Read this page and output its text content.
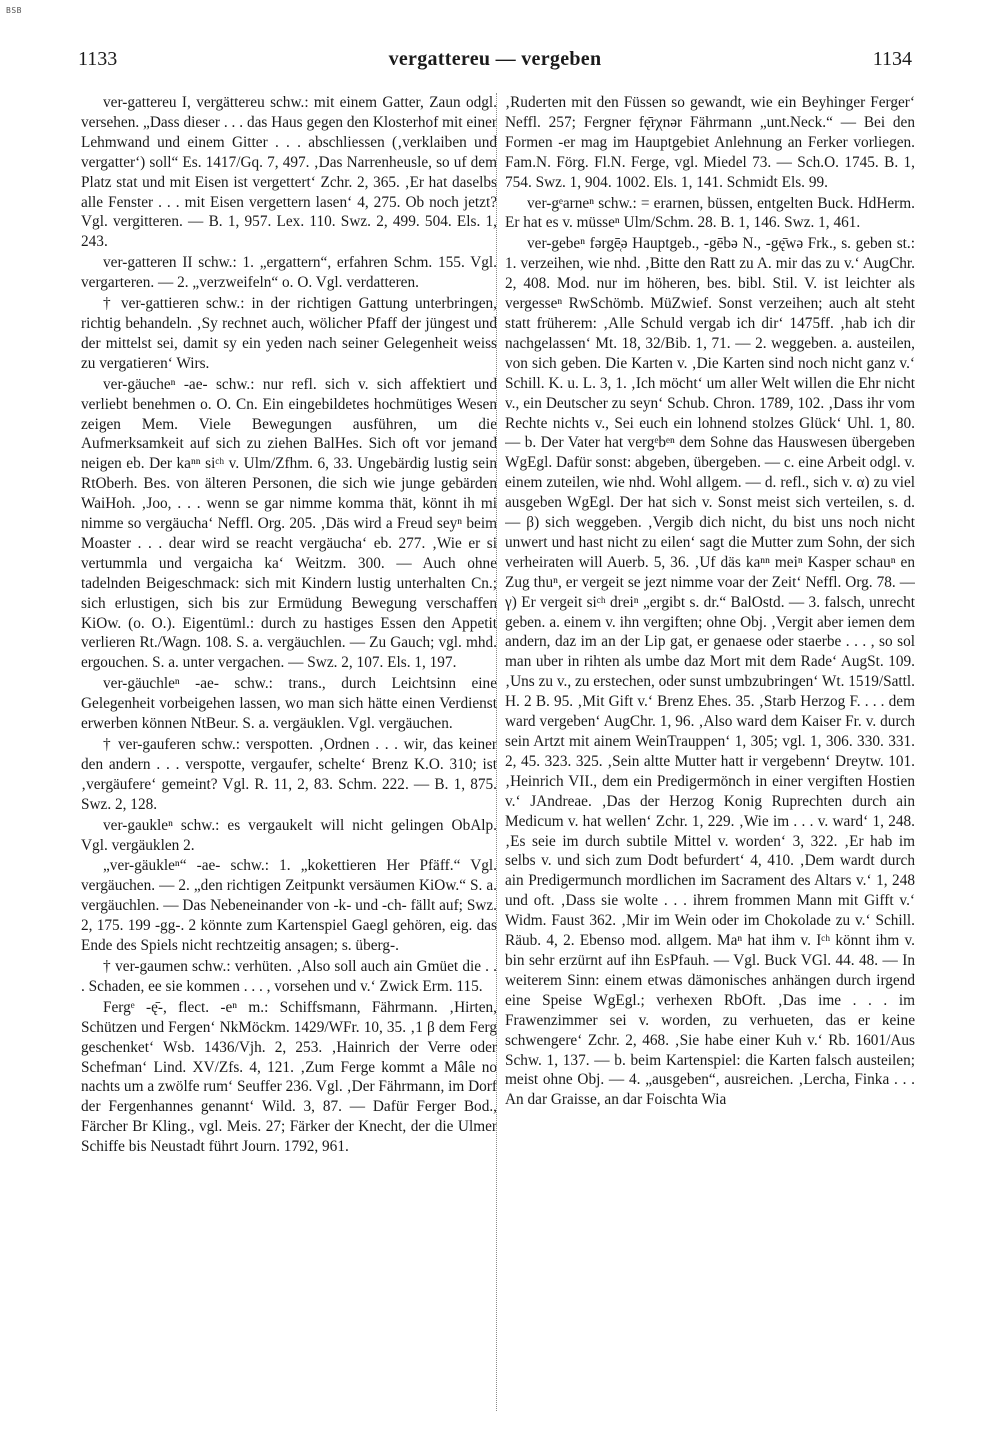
BSB
1133	vergattereu — vergeben	1134

ver-gattereu I, vergättereu schw.: mit einem Gatter, Zaun odgl. versehen. „Dass dieser . . . das Haus gegen den Klosterhof mit einer Lehmwand und einem Gitter . . . abschliessen (‚verklaiben und vergatter‘) soll“ Es. 1417/Gq. 7, 497. ‚Das Narrenheusle, so uf dem Platz stat und mit Eisen ist vergettert‘ Zchr. 2, 365. ‚Er hat daselbs alle Fenster . . . mit Eisen vergettern lasen‘ 4, 275. Ob noch jetzt? Vgl. vergitteren. — B. 1, 957. Lex. 110. Swz. 2, 499. 504. Els. 1, 243.

ver-gatterеn II schw.: 1. „ergattern“, erfahren Schm. 155. Vgl. vergarteren. — 2. „verzweifeln“ o. O. Vgl. verdatteren.

† ver-gattieren schw.: in der richtigen Gattung unterbringen, richtig behandeln. ‚Sy rechnet auch, wölicher Pfaff der jüngest und der mittelst sei, damit sy ein yeden nach seiner Gelegenheit weiss zu vergatieren‘ Wirs.

ver-gäucheⁿ -ae- schw.: nur refl. sich v. sich affektiert und verliebt benehmen o. O. Cn. Ein eingebildetes hochmütiges Wesen zeigen Mem. Viele Bewegungen ausführen, um die Aufmerksamkeit auf sich zu ziehen BalHes. Sich oft vor jemand neigen eb. Der kaⁿⁿ siᶜʰ v. Ulm/Zfhm. 6, 33. Ungebärdig lustig sein RtOberh. Bes. von älteren Personen, die sich wie junge gebärden WaiHoh. ‚Joo, . . . wenn se gar nimme komma thät, könnt ih mi nimme so vergäucha‘ Neffl. Org. 205. ‚Däs wird a Freud seyⁿ beim Moaster . . . dear wird se reacht vergäucha‘ eb. 277. ‚Wie er si vertummla und vergaicha ka‘ Weitzm. 300. — Auch ohne tadelnden Beigeschmack: sich mit Kindern lustig unterhalten Cn.; sich erlustigen, sich bis zur Ermüdung Bewegung verschaffen KiOw. (o. O.). Eigentüml.: durch zu hastiges Essen den Appetit verlieren Rt./Wagn. 108. S. a. vergäuchlen. — Zu Gauch; vgl. mhd. ergouchen. S. a. unter vergachen. — Swz. 2, 107. Els. 1, 197.

ver-gäuchleⁿ -ae- schw.: trans., durch Leichtsinn eine Gelegenheit vorbeigehen lassen, wo man sich hätte einen Verdienst erwerben können NtBeur. S. a. vergäuklen. Vgl. vergäuchen.

† ver-gauferen schw.: verspotten. ‚Ordnen . . . wir, das keiner den andern . . . verspotte, vergaufer, schelte‘ Brenz K.O. 310; ist ‚vergäufere‘ gemeint? Vgl. R. 11, 2, 83. Schm. 222. — B. 1, 875. Swz. 2, 128.

ver-gaukleⁿ schw.: es vergaukelt will nicht gelingen ObAlp. Vgl. vergäuklen 2.

„ver-gäukleⁿ“ -ae- schw.: 1. „kokettieren Her Pfäff.“ Vgl. vergäuchen. — 2. „den richtigen Zeitpunkt versäumen KiOw.“ S. a. vergäuchlen. — Das Nebeneinander von -k- und -ch- fällt auf; Swz. 2, 175. 199 -gg-. 2 könnte zum Kartenspiel Gaegl gehören, eig. das Ende des Spiels nicht rechtzeitig ansagen; s. überg-.

† ver-gaumen schw.: verhüten. ‚Also soll auch ain Gmüet die . . . Schaden, ee sie kommen . . . , vorsehen und v.‘ Zwick Erm. 115.

Fergᵉ -ę̄-, flect. -eⁿ m.: Schiffsmann, Fährmann. ‚Hirten, Schützen und Fergen‘ NkMöckm. 1429/WFr. 10, 35. ‚1 β dem Ferg geschenket‘ Wsb. 1436/Vjh. 2, 253. ‚Hainrich der Verre oder Schefman‘ Lind. XV/Zfs. 4, 121. ‚Zum Ferge kommt a Mâle no nachts um a zwölfe rum‘ Seuffer 236. Vgl. ‚Der Fährmann, im Dorf der Fergenhannes genannt‘ Wild. 3, 87. — Dafür Ferger Bod., Färcher Br Kling., vgl. Meis. 27; Färker der Knecht, der die Ulmer Schiffe bis Neustadt führt Journ. 1792, 961.

‚Ruderten mit den Füssen so gewandt, wie ein Beyhinger Ferger‘ Neffl. 257; Fergner fę̄rχnər Fährmann „unt.Neck.“ — Bei den Formen -er mag im Hauptgebiet Anlehnung an Ferker vorliegen. Fam.N. Förg. Fl.N. Ferge, vgl. Miedel 73. — Sch.O. 1745. B. 1, 754. Swz. 1, 904. 1002. Els. 1, 141. Schmidt Els. 99.

ver-gᵉarneⁿ schw.: = erarnen, büssen, entgelten Buck. HdHerm. Er hat es v. müsseⁿ Ulm/Schm. 28. B. 1, 146. Swz. 1, 461.

ver-gebeⁿ fərgē̜ə Hauptgeb., -gēbə N., -gę̄wə Frk., s. geben st.: 1. verzeihen, wie nhd. ‚Bitte den Ratt zu A. mir das zu v.‘ AugChr. 2, 408. Mod. nur im höheren, bes. bibl. Stil. V. ist leichter als vergesseⁿ RwSchömb. MüZwief. Sonst verzeihen; auch alt steht statt früherem: ‚Alle Schuld vergab ich dir‘ 1475ff. ‚hab ich dir nachgelassen‘ Mt. 18, 32/Bib. 1, 71. — 2. weggeben. a. austeilen, von sich geben. Die Karten v. ‚Die Karten sind noch nicht ganz v.‘ Schill. K. u. L. 3, 1. ‚Ich möcht‘ um aller Welt willen die Ehr nicht v., ein Deutscher zu seyn‘ Schub. Chron. 1789, 102. ‚Dass ihr vom Rechte nichts v., Sei euch ein lohnend stolzes Glück‘ Uhl. 1, 80. — b. Der Vater hat vergᵉbᵉⁿ dem Sohne das Hauswesen übergeben WgEgl. Dafür sonst: abgeben, übergeben. — c. eine Arbeit odgl. v. einem zuteilen, wie nhd. Wohl allgem. — d. refl., sich v. α) zu viel ausgeben WgEgl. Der hat sich v. Sonst meist sich verteilen, s. d. — β) sich weggeben. ‚Vergib dich nicht, du bist uns noch nicht unwert und hast nicht zu eilen‘ sagt die Mutter zum Sohn, der sich verheiraten will Auerb. 5, 36. ‚Uf däs kaⁿⁿ meiⁿ Kasper schauⁿ en Zug thuⁿ, er vergeit se jezt nimme voar der Zeit‘ Neffl. Org. 78. — γ) Er vergeit siᶜʰ dreiⁿ „ergibt s. dr.“ BalOstd. — 3. falsch, unrecht geben. a. einem v. ihn vergiften; ohne Obj. ‚Vergit aber iemen dem andern, daz im an der Lip gat, er genaese oder staerbe . . . , so sol man uber in rihten als umbe daz Mort mit dem Rade‘ AugSt. 109. ‚Uns zu v., zu erstechen, oder sunst umbzubringen‘ Wt. 1519/Sattl. H. 2 B. 95. ‚Mit Gift v.‘ Brenz Ehes. 35. ‚Starb Herzog F. . . . dem ward vergeben‘ AugChr. 1, 96. ‚Also ward dem Kaiser Fr. v. durch sein Artzt mit ainem WeinTrauppen‘ 1, 305; vgl. 1, 306. 330. 331. 2, 45. 323. 325. ‚Sein altte Mutter hatt ir vergebenn‘ Dreytw. 101. ‚Heinrich VII., dem ein Predigermönch in einer vergiften Hostien v.‘ JAndreae. ‚Das der Herzog Konig Ruprechten durch ain Medicum v. hat wellen‘ Zchr. 1, 229. ‚Wie im . . . v. ward‘ 1, 248. ‚Es seie im durch subtile Mittel v. worden‘ 3, 322. ‚Er hab im selbs v. und sich zum Dodt befurdert‘ 4, 410. ‚Dem wardt durch ain Predigermunch mordlichen im Sacrament des Altars v.‘ 1, 248 und oft. ‚Dass sie wolte . . . ihrem frommen Mann mit Gifft v.‘ Widm. Faust 362. ‚Mir im Wein oder im Chokolade zu v.‘ Schill. Räub. 4, 2. Ebenso mod. allgem. Maⁿ hat ihm v. Iᶜʰ könnt ihm v. bin sehr erzürnt auf ihn EsPfauh. — Vgl. Buck VGl. 44. 48. — In weiterem Sinn: einem etwas dämonisches anhängen durch irgend eine Speise WgEgl.; verhexen RbOft. ‚Das ime . . . im Frawenzimmer sei v. worden, zu verhueten, das er keine schwengere‘ Zchr. 2, 468. ‚Sie habe einer Kuh v.‘ Rb. 1601/Aus Schw. 1, 137. — b. beim Kartenspiel: die Karten falsch austeilen; meist ohne Obj. — 4. „ausgeben“, ausreichen. ‚Lercha, Finka . . . An dar Graisse, an dar Foischta Wia
